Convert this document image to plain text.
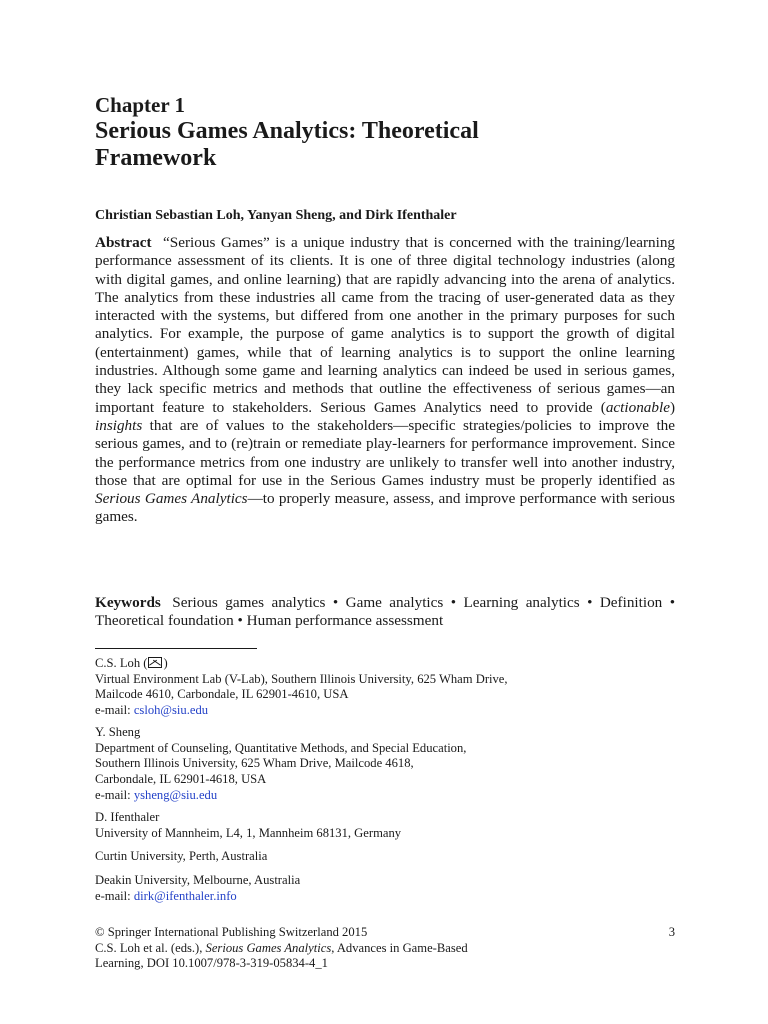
Chapter 1
Serious Games Analytics: Theoretical
Framework
Christian Sebastian Loh, Yanyan Sheng, and Dirk Ifenthaler

Abstract “Serious Games” is a unique industry that is concerned with the training/learning performance assessment of its clients. It is one of three digital technology industries (along with digital games, and online learning) that are rapidly advancing into the arena of analytics. The analytics from these industries all came from the tracing of user-generated data as they interacted with the systems, but differed from one another in the primary purposes for such analytics. For example, the purpose of game analytics is to support the growth of digital (entertainment) games, while that of learning analytics is to support the online learning industries. Although some game and learning analytics can indeed be used in serious games, they lack specific metrics and methods that outline the effectiveness of serious games—an important feature to stakeholders. Serious Games Analytics need to provide (actionable) insights that are of values to the stakeholders—specific strategies/policies to improve the serious games, and to (re)train or remediate play-learners for performance improvement. Since the performance metrics from one industry are unlikely to transfer well into another industry, those that are optimal for use in the Serious Games industry must be properly identified as Serious Games Analytics—to properly measure, assess, and improve performance with serious games.

Keywords Serious games analytics • Game analytics • Learning analytics • Definition • Theoretical foundation • Human performance assessment

C.S. Loh ( )
Virtual Environment Lab (V-Lab), Southern Illinois University, 625 Wham Drive,
Mailcode 4610, Carbondale, IL 62901-4610, USA
e-mail: csloh@siu.edu
Y. Sheng
Department of Counseling, Quantitative Methods, and Special Education,
Southern Illinois University, 625 Wham Drive, Mailcode 4618,
Carbondale, IL 62901-4618, USA
e-mail: ysheng@siu.edu
D. Ifenthaler
University of Mannheim, L4, 1, Mannheim 68131, Germany
Curtin University, Perth, Australia
Deakin University, Melbourne, Australia
e-mail: dirk@ifenthaler.info
© Springer International Publishing Switzerland 2015
C.S. Loh et al. (eds.), Serious Games Analytics, Advances in Game-Based
Learning, DOI 10.1007/978-3-319-05834-4_1
3
